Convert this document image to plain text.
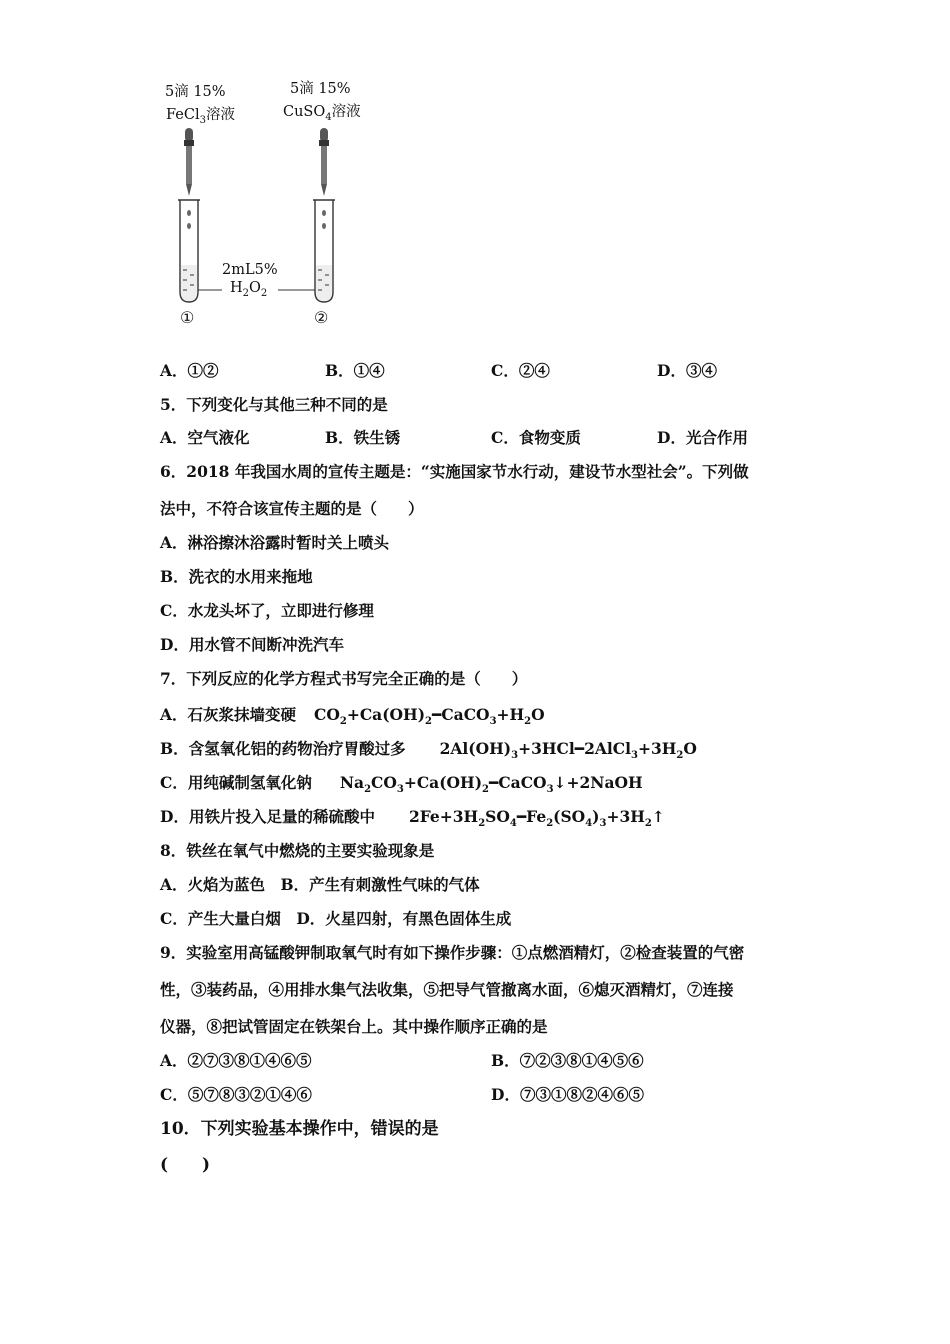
5滴 15%
FeCl$_3$溶液
5滴 15%
CuSO$_4$溶液
2mL5%
$H_2O_2$
①	②
A．①②	B．①④	C．②④	D．③④
5．下列变化与其他三种不同的是
A．空气液化	B．铁生锈	C．食物变质	D．光合作用
6．2018 年我国水周的宣传主题是：“实施国家节水行动，建设节水型社会”。下列做
法中，不符合该宣传主题的是（　　）
A．淋浴擦沐浴露时暂时关上喷头
B．洗衣的水用来拖地
C．水龙头坏了，立即进行修理
D．用水管不间断冲洗汽车
7．下列反应的化学方程式书写完全正确的是（　　）
A．石灰浆抹墙变硬 $CO_2+Ca(OH)_2━CaCO_3+H_2O$
B．含氢氧化铝的药物治疗胃酸过多 $2Al(OH)_3+3HCl━2AlCl_3+3H_2O$
C．用纯碱制氢氧化钠 $Na_2CO_3+Ca(OH)_2━CaCO_3↓+2NaOH$
D．用铁片投入足量的稀硫酸中 $2Fe+3H_2SO_4━Fe_2(SO_4)_3+3H_2↑$
8．铁丝在氧气中燃烧的主要实验现象是
A．火焰为蓝色　B．产生有刺激性气味的气体
C．产生大量白烟　D．火星四射，有黑色固体生成
9．实验室用高锰酸钾制取氧气时有如下操作步骤：①点燃酒精灯，②检查装置的气密
性，③装药品，④用排水集气法收集，⑤把导气管撤离水面，⑥熄灭酒精灯，⑦连接
仪器，⑧把试管固定在铁架台上。其中操作顺序正确的是
A．②⑦③⑧①④⑥⑤	B．⑦②③⑧①④⑤⑥
C．⑤⑦⑧③②①④⑥	D．⑦③①⑧②④⑥⑤
10．下列实验基本操作中，错误的是
(　　)
